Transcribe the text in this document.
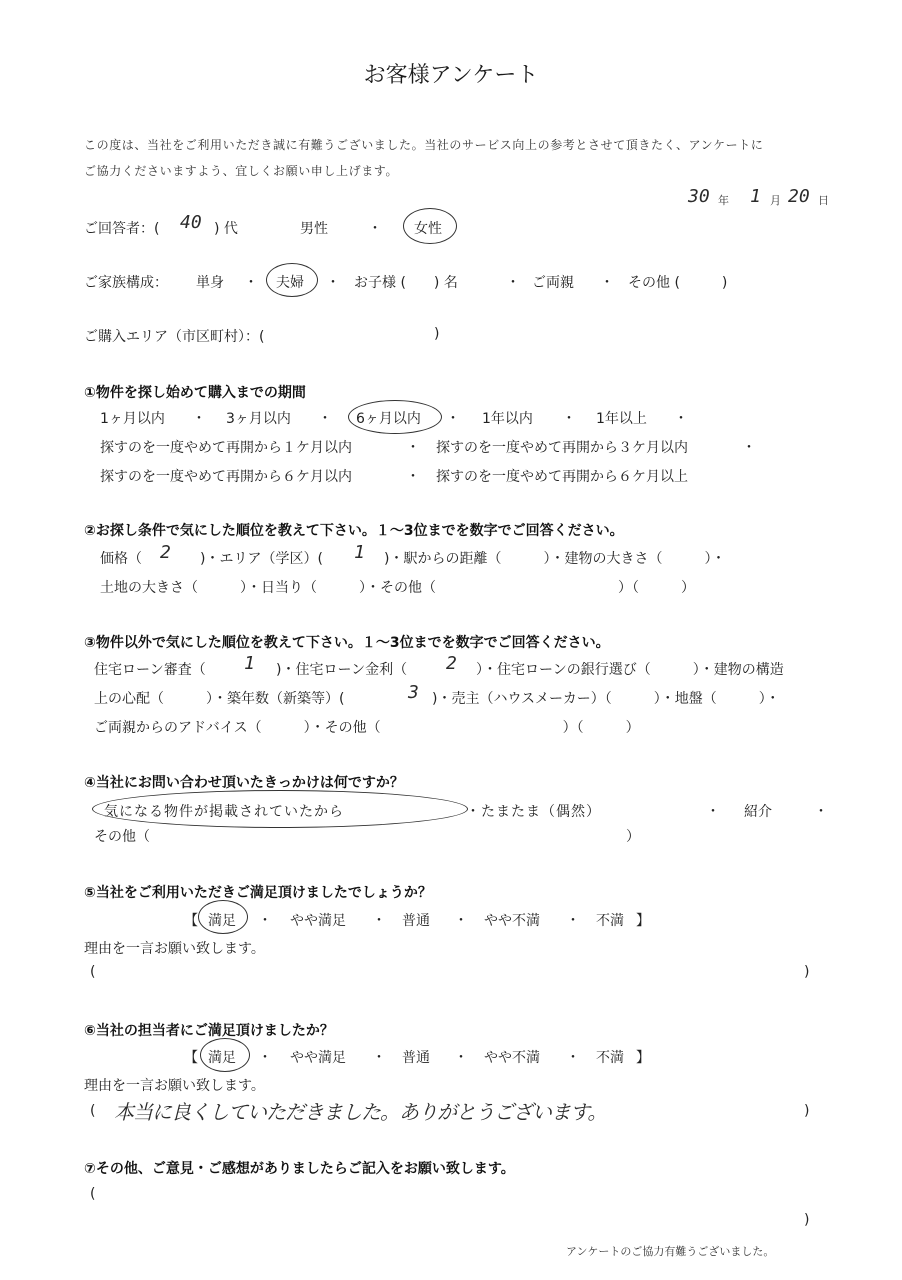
お客様アンケート
この度は、当社をご利用いただき誠に有難うございました。当社のサービス向上の参考とさせて頂きたく、アンケートに
ご協力くださいますよう、宜しくお願い申し上げます。
30 年 1 月 20 日
ご回答者：( 40 ) 代	男性	・ 女性
ご家族構成： 単身 ・ 夫婦 ・ お子様 (　　) 名	・ ご両親 ・ その他 (　　　)
ご購入エリア（市区町村）：(	)
①物件を探し始めて購入までの期間
1ヶ月以内 ・ 3ヶ月以内 ・ 6ヶ月以内 ・ 1年以内 ・ 1年以上 ・
探すのを一度やめて再開から１ケ月以内	・ 探すのを一度やめて再開から３ケ月以内	・
探すのを一度やめて再開から６ケ月以内	・ 探すのを一度やめて再開から６ケ月以上
②お探し条件で気にした順位を教えて下さい。１～3位までを数字でご回答ください。
価格（ 2 )・エリア（学区）( 1 )・駅からの距離（　　　）・建物の大きさ（　　　）・
土地の大きさ（　　　）・日当り（　　　）・その他（　　　　　　　　　　　　　）（　　　）
③物件以外で気にした順位を教えて下さい。１～3位までを数字でご回答ください。
住宅ローン審査（ 1 )・住宅ローン金利（ 2 ）・住宅ローンの銀行選び（　　　）・建物の構造
上の心配（　　　）・築年数（新築等）(	3 )・売主（ハウスメーカー）（　　　）・地盤（　　　）・
ご両親からのアドバイス（　　　）・その他（　　　　　　　　　　　　　）（　　　）
④当社にお問い合わせ頂いたきっかけは何ですか？
気になる物件が掲載されていたから	・たまたま（偶然）	・ 紹介	・
その他（　　　　　　　　　　　　　　　　　　　　　　　　　　　　　　　　　　）
⑤当社をご利用いただきご満足頂けましたでしょうか？
【 満足 ・ やや満足 ・ 普通 ・ やや不満 ・ 不満 】
理由を一言お願い致します。
(	)
⑥当社の担当者にご満足頂けましたか？
【 満足 ・ やや満足 ・ 普通 ・ やや不満 ・ 不満 】
理由を一言お願い致します。
( 本当に良くしていただきました。ありがとうございます。	)
⑦その他、ご意見・ご感想がありましたらご記入をお願い致します。
(
)
アンケートのご協力有難うございました。
